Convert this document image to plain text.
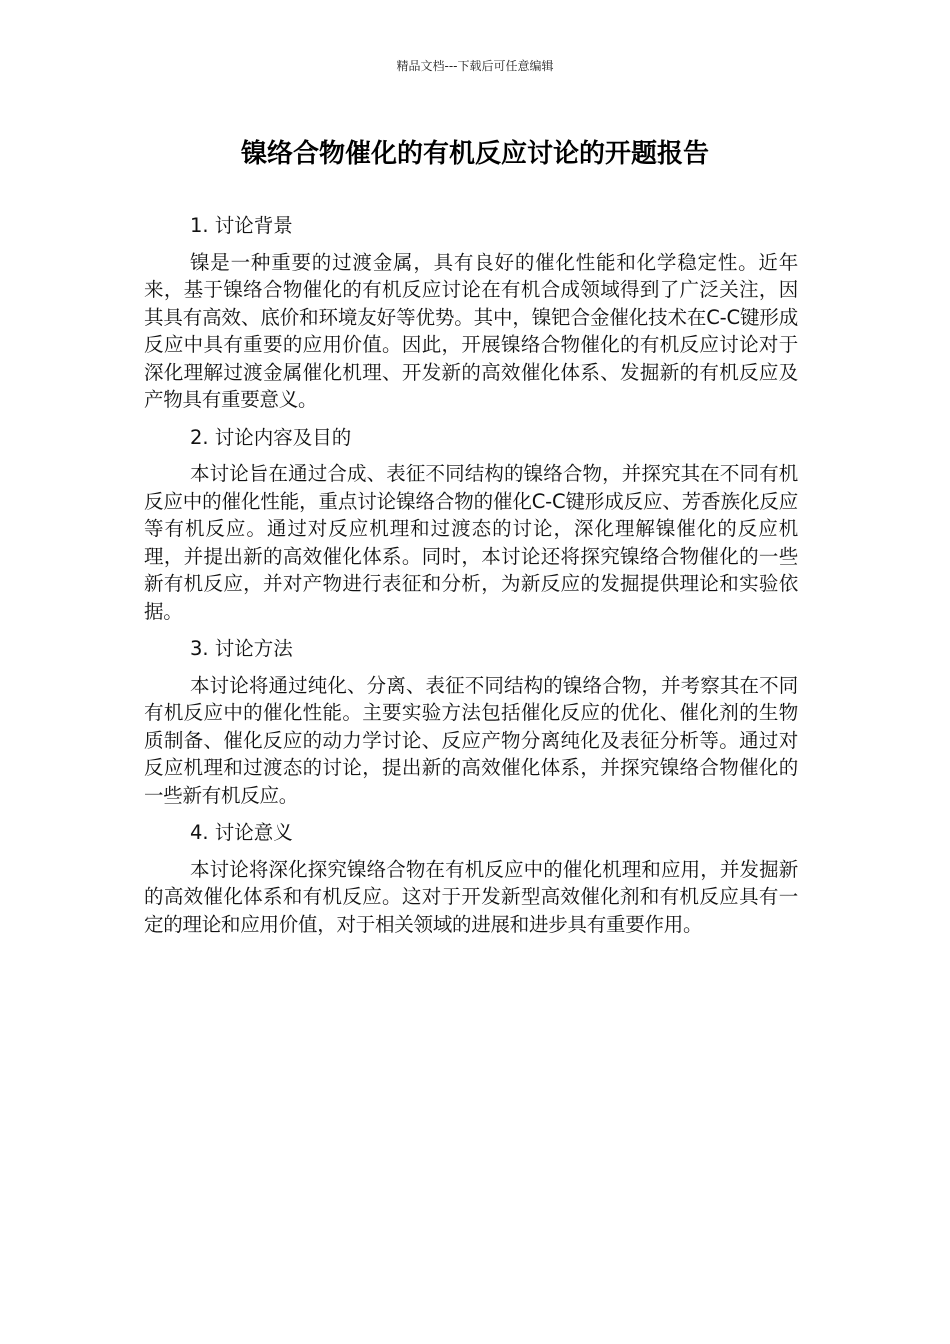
精品文档---下载后可任意编辑
镍络合物催化的有机反应讨论的开题报告

1. 讨论背景

镍是一种重要的过渡金属，具有良好的催化性能和化学稳定性。近年来，基于镍络合物催化的有机反应讨论在有机合成领域得到了广泛关注，因其具有高效、底价和环境友好等优势。其中，镍钯合金催化技术在C-C键形成反应中具有重要的应用价值。因此，开展镍络合物催化的有机反应讨论对于深化理解过渡金属催化机理、开发新的高效催化体系、发掘新的有机反应及产物具有重要意义。

2. 讨论内容及目的

本讨论旨在通过合成、表征不同结构的镍络合物，并探究其在不同有机反应中的催化性能，重点讨论镍络合物的催化C-C键形成反应、芳香族化反应等有机反应。通过对反应机理和过渡态的讨论，深化理解镍催化的反应机理，并提出新的高效催化体系。同时，本讨论还将探究镍络合物催化的一些新有机反应，并对产物进行表征和分析，为新反应的发掘提供理论和实验依据。

3. 讨论方法

本讨论将通过纯化、分离、表征不同结构的镍络合物，并考察其在不同有机反应中的催化性能。主要实验方法包括催化反应的优化、催化剂的生物质制备、催化反应的动力学讨论、反应产物分离纯化及表征分析等。通过对反应机理和过渡态的讨论，提出新的高效催化体系，并探究镍络合物催化的一些新有机反应。

4. 讨论意义

本讨论将深化探究镍络合物在有机反应中的催化机理和应用，并发掘新的高效催化体系和有机反应。这对于开发新型高效催化剂和有机反应具有一定的理论和应用价值，对于相关领域的进展和进步具有重要作用。
